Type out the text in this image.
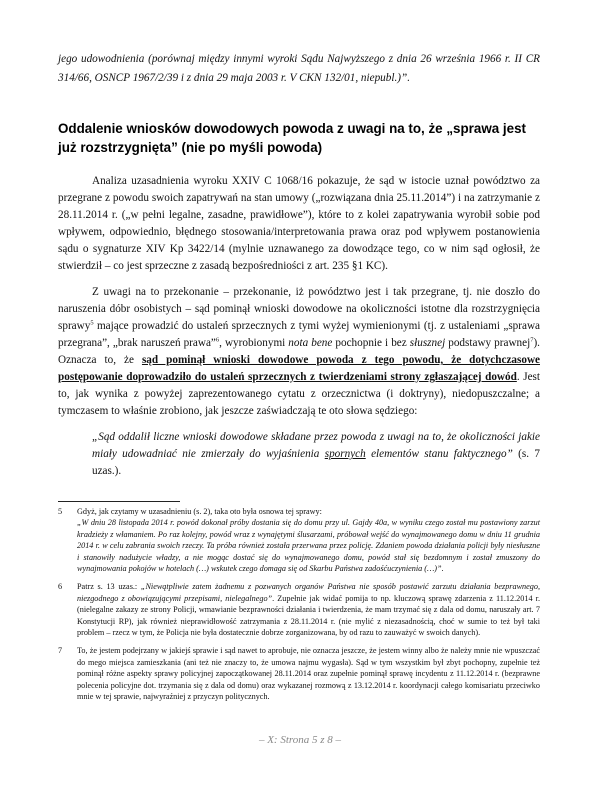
jego udowodnienia (porównaj między innymi wyroki Sądu Najwyższego z dnia 26 września 1966 r. II CR 314/66, OSNCP 1967/2/39 i z dnia 29 maja 2003 r. V CKN 132/01, niepubl.)”.
Oddalenie wniosków dowodowych powoda z uwagi na to, że „sprawa jest już rozstrzygnięta” (nie po myśli powoda)

Analiza uzasadnienia wyroku XXIV C 1068/16 pokazuje, że sąd w istocie uznał powództwo za przegrane z powodu swoich zapatrywań na stan umowy („rozwiązana dnia 25.11.2014”) i na zatrzymanie z 28.11.2014 r. („w pełni legalne, zasadne, prawidłowe”), które to z kolei zapatrywania wyrobił sobie pod wpływem, odpowiednio, błędnego stosowania/interpretowania prawa oraz pod wpływem postanowienia sądu o sygnaturze XIV Kp 3422/14 (mylnie uznawanego za dowodzące tego, co w nim sąd ogłosił, że stwierdził – co jest sprzeczne z zasadą bezpośredniości z art. 235 §1 KC).

Z uwagi na to przekonanie – przekonanie, iż powództwo jest i tak przegrane, tj. nie doszło do naruszenia dóbr osobistych – sąd pominął wnioski dowodowe na okoliczności istotne dla rozstrzygnięcia sprawy$^5$ mające prowadzić do ustaleń sprzecznych z tymi wyżej wymienionymi (tj. z ustaleniami „sprawa przegrana”, „brak naruszeń prawa”$^6$, wyrobionymi nota bene pochopnie i bez słusznej podstawy prawnej$^7$). Oznacza to, że sąd pominął wnioski dowodowe powoda z tego powodu, że dotychczasowe postępowanie doprowadziło do ustaleń sprzecznych z twierdzeniami strony zgłaszającej dowód. Jest to, jak wynika z powyżej zaprezentowanego cytatu z orzecznictwa (i doktryny), niedopuszczalne; a tymczasem to właśnie zrobiono, jak jeszcze zaświadczają te oto słowa sędziego:

„Sąd oddalił liczne wnioski dowodowe składane przez powoda z uwagi na to, że okoliczności jakie miały udowadniać nie zmierzały do wyjaśnienia spornych elementów stanu faktycznego” (s. 7 uzas.).

5 Gdyż, jak czytamy w uzasadnieniu (s. 2), taka oto była osnowa tej sprawy:
„W dniu 28 listopada 2014 r. powód dokonał próby dostania się do domu przy ul. Gajdy 40a, w wyniku czego został mu postawiony zarzut kradzieży z włamaniem. Po raz kolejny, powód wraz z wynajętymi ślusarzami, próbował wejść do wynajmowanego domu w dniu 11 grudnia 2014 r. w celu zabrania swoich rzeczy. Ta próba również została przerwana przez policję. Zdaniem powoda działania policji były niesłuszne i stanowiły nadużycie władzy, a nie mogąc dostać się do wynajmowanego domu, powód stał się bezdomnym i został zmuszony do wynajmowania pokojów w hotelach (…) wskutek czego domaga się od Skarbu Państwa zadośćuczynienia (…)”.
6 Patrz s. 13 uzas.: „Niewątpliwie zatem żadnemu z pozwanych organów Państwa nie sposób postawić zarzutu działania bezprawnego, niezgodnego z obowiązującymi przepisami, nielegalnego”. Zupełnie jak widać pomija to np. kluczową sprawę zdarzenia z 11.12.2014 r. (nielegalne zakazy ze strony Policji, wmawianie bezprawności działania i twierdzenia, że mam trzymać się z dala od domu, naruszały art. 7 Konstytucji RP), jak również nieprawidłowość zatrzymania z 28.11.2014 r. (nie mylić z niezasadnością, choć w sumie to też był taki problem – rzecz w tym, że Policja nie była dostatecznie dobrze zorganizowana, by od razu to zauważyć w swoich danych).
7 To, że jestem podejrzany w jakiejś sprawie i sąd nawet to aprobuje, nie oznacza jeszcze, że jestem winny albo że należy mnie nie wpuszczać do mego miejsca zamieszkania (ani też nie znaczy to, że umowa najmu wygasła). Sąd w tym wszystkim był zbyt pochopny, zupełnie też pominął różne aspekty sprawy policyjnej zapoczątkowanej 28.11.2014 oraz zupełnie pominął sprawę incydentu z 11.12.2014 r. (bezprawne polecenia policyjne dot. trzymania się z dala od domu) oraz wykazanej rozmową z 13.12.2014 r. koordynacji całego komisariatu przeciwko mnie w tej sprawie, najwyraźniej z przyczyn politycznych.
– X: Strona 5 z 8 –
